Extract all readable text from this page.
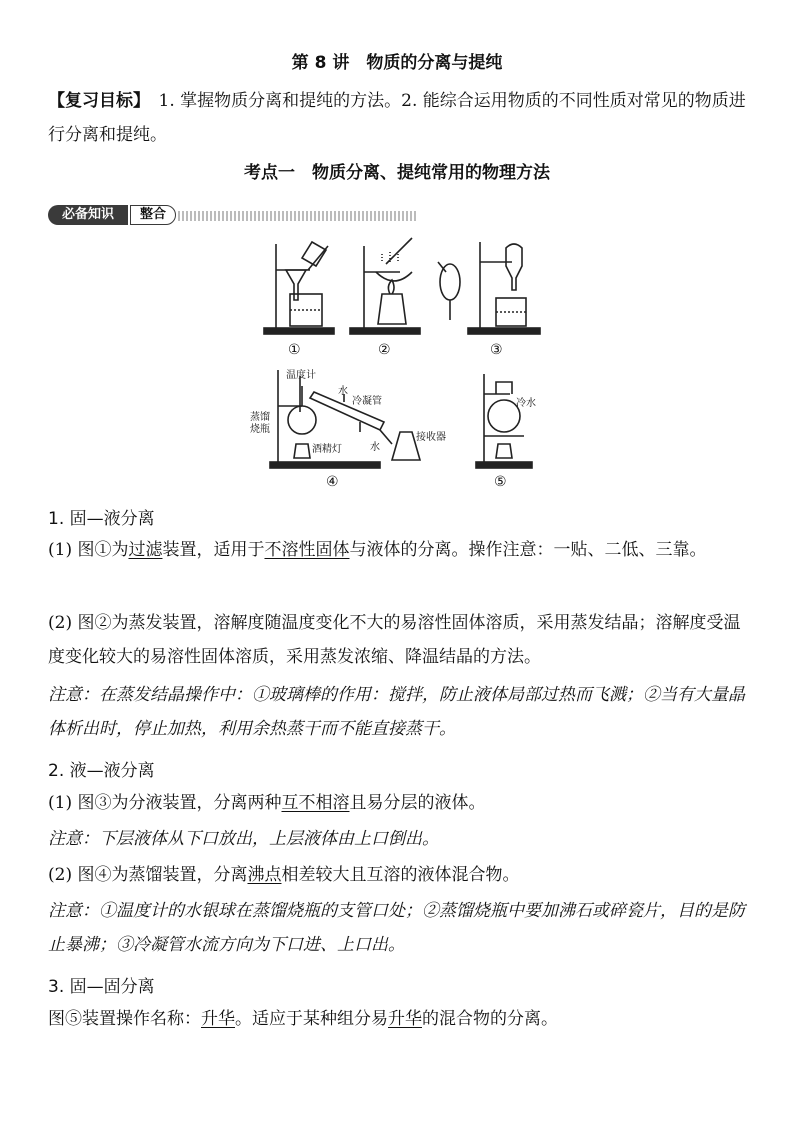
第 8 讲　物质的分离与提纯
【复习目标】　1. 掌握物质分离和提纯的方法。2. 能综合运用物质的不同性质对常见的物质进行分离和提纯。
考点一　物质分离、提纯常用的物理方法
必备知识	整合
①	②	③
温度计
水
冷凝管
蒸馏
烧瓶
酒精灯	水
接收器
冷水
④	⑤
1. 固—液分离
(1) 图①为过滤装置，适用于不溶性固体与液体的分离。操作注意：一贴、二低、三靠。
(2) 图②为蒸发装置，溶解度随温度变化不大的易溶性固体溶质，采用蒸发结晶；溶解度受温度变化较大的易溶性固体溶质，采用蒸发浓缩、降温结晶的方法。
注意：在蒸发结晶操作中：①玻璃棒的作用：搅拌，防止液体局部过热而飞溅；②当有大量晶体析出时，停止加热，利用余热蒸干而不能直接蒸干。
2. 液—液分离
(1) 图③为分液装置，分离两种互不相溶且易分层的液体。
注意：下层液体从下口放出，上层液体由上口倒出。
(2) 图④为蒸馏装置，分离沸点相差较大且互溶的液体混合物。
注意：①温度计的水银球在蒸馏烧瓶的支管口处；②蒸馏烧瓶中要加沸石或碎瓷片，目的是防止暴沸；③冷凝管水流方向为下口进、上口出。
3. 固—固分离
图⑤装置操作名称：升华。适应于某种组分易升华的混合物的分离。
